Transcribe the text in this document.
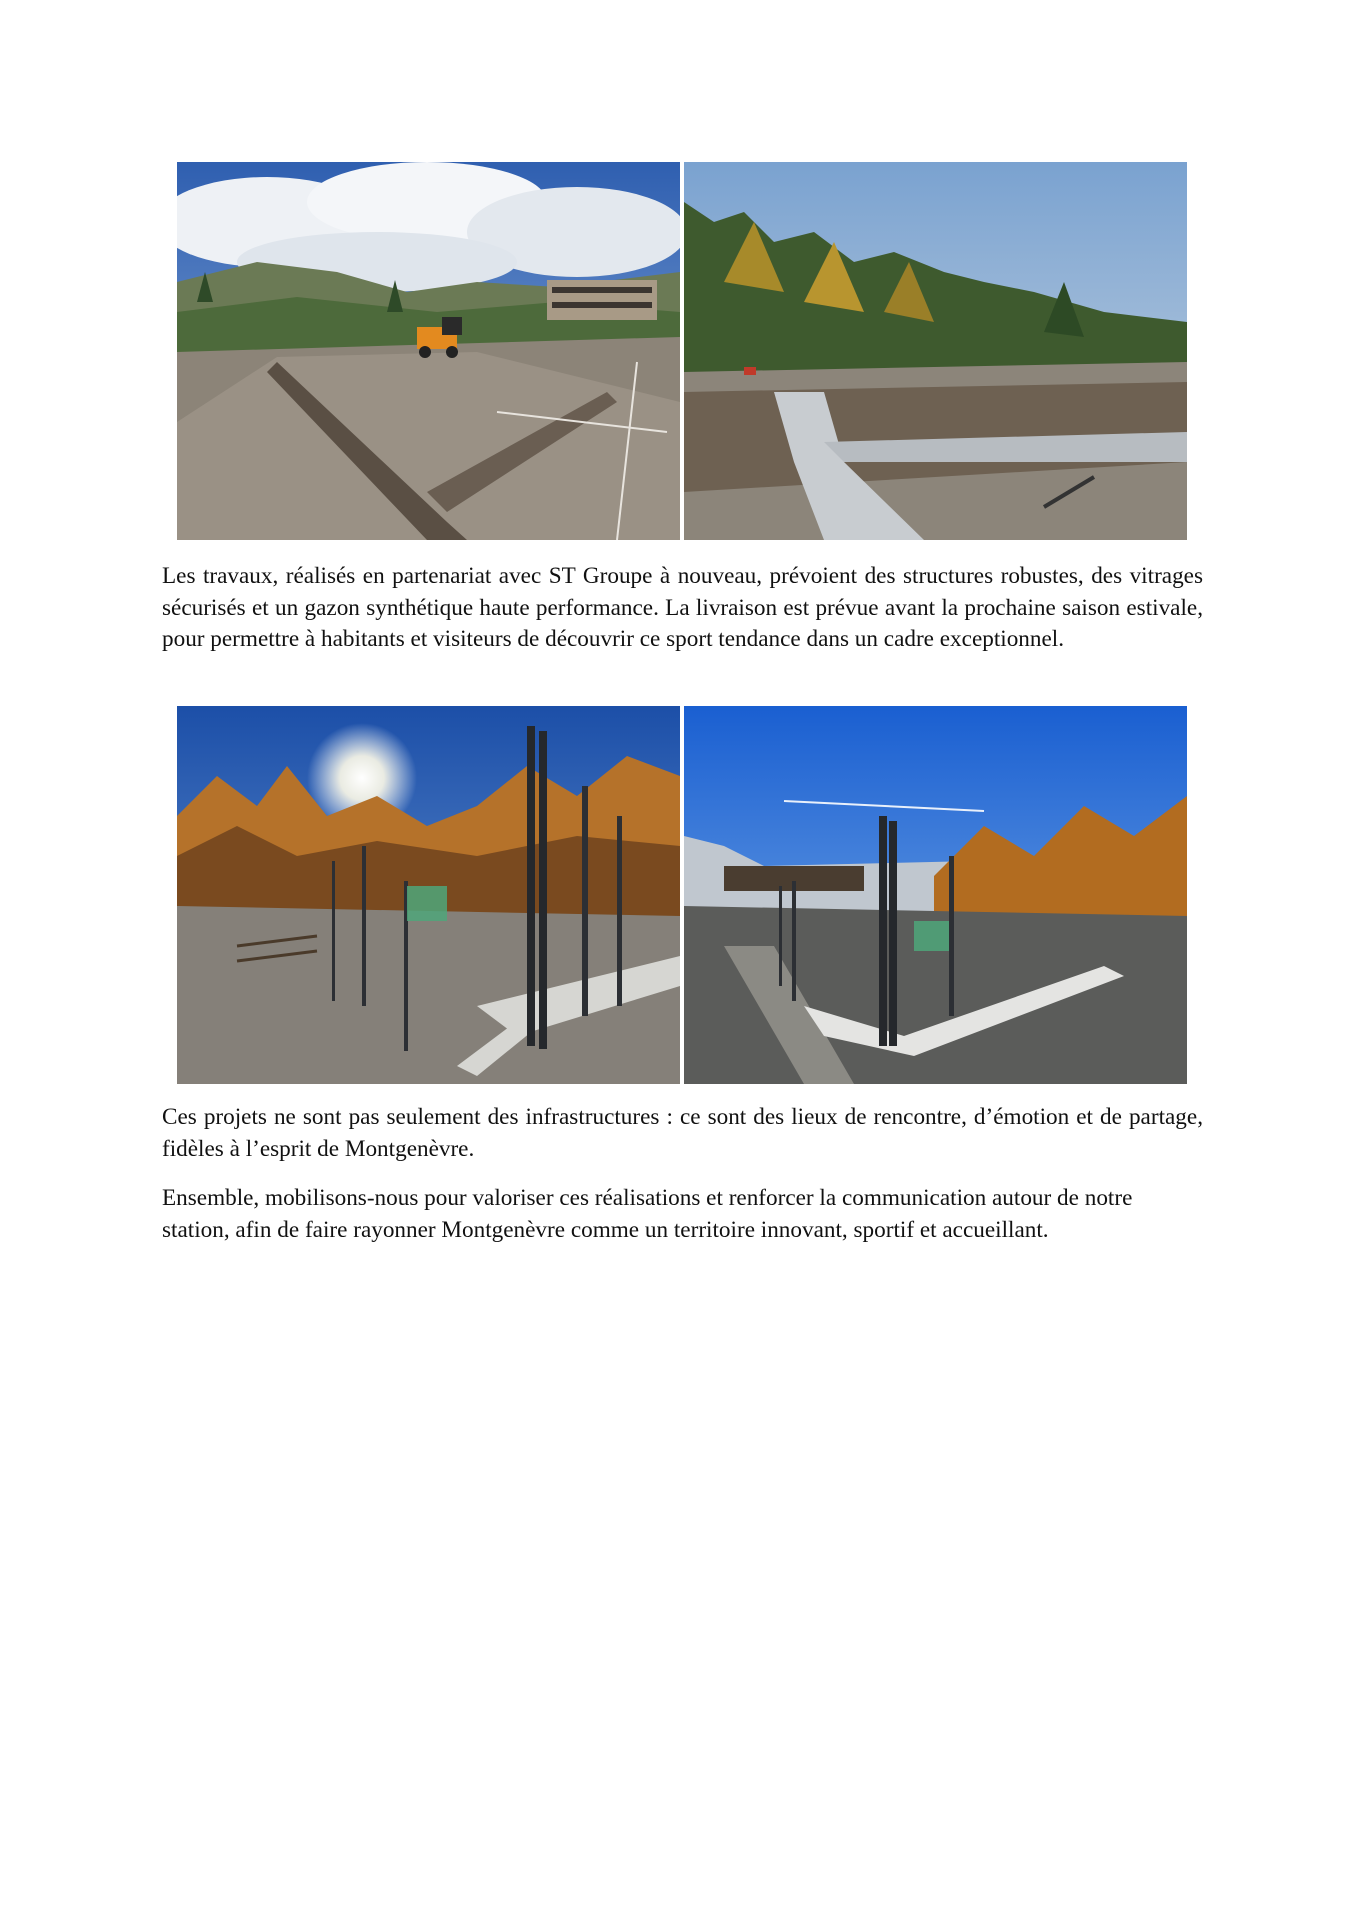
Les travaux, réalisés en partenariat avec ST Groupe à nouveau, prévoient des structures robustes, des vitrages sécurisés et un gazon synthétique haute performance. La livraison est prévue avant la prochaine saison estivale, pour permettre à habitants et visiteurs de découvrir ce sport tendance dans un cadre exceptionnel.

Ces projets ne sont pas seulement des infrastructures : ce sont des lieux de rencontre, d’émotion et de partage, fidèles à l’esprit de Montgenèvre.

Ensemble, mobilisons-nous pour valoriser ces réalisations et renforcer la communication autour de notre station, afin de faire rayonner Montgenèvre comme un territoire innovant, sportif et accueillant.
